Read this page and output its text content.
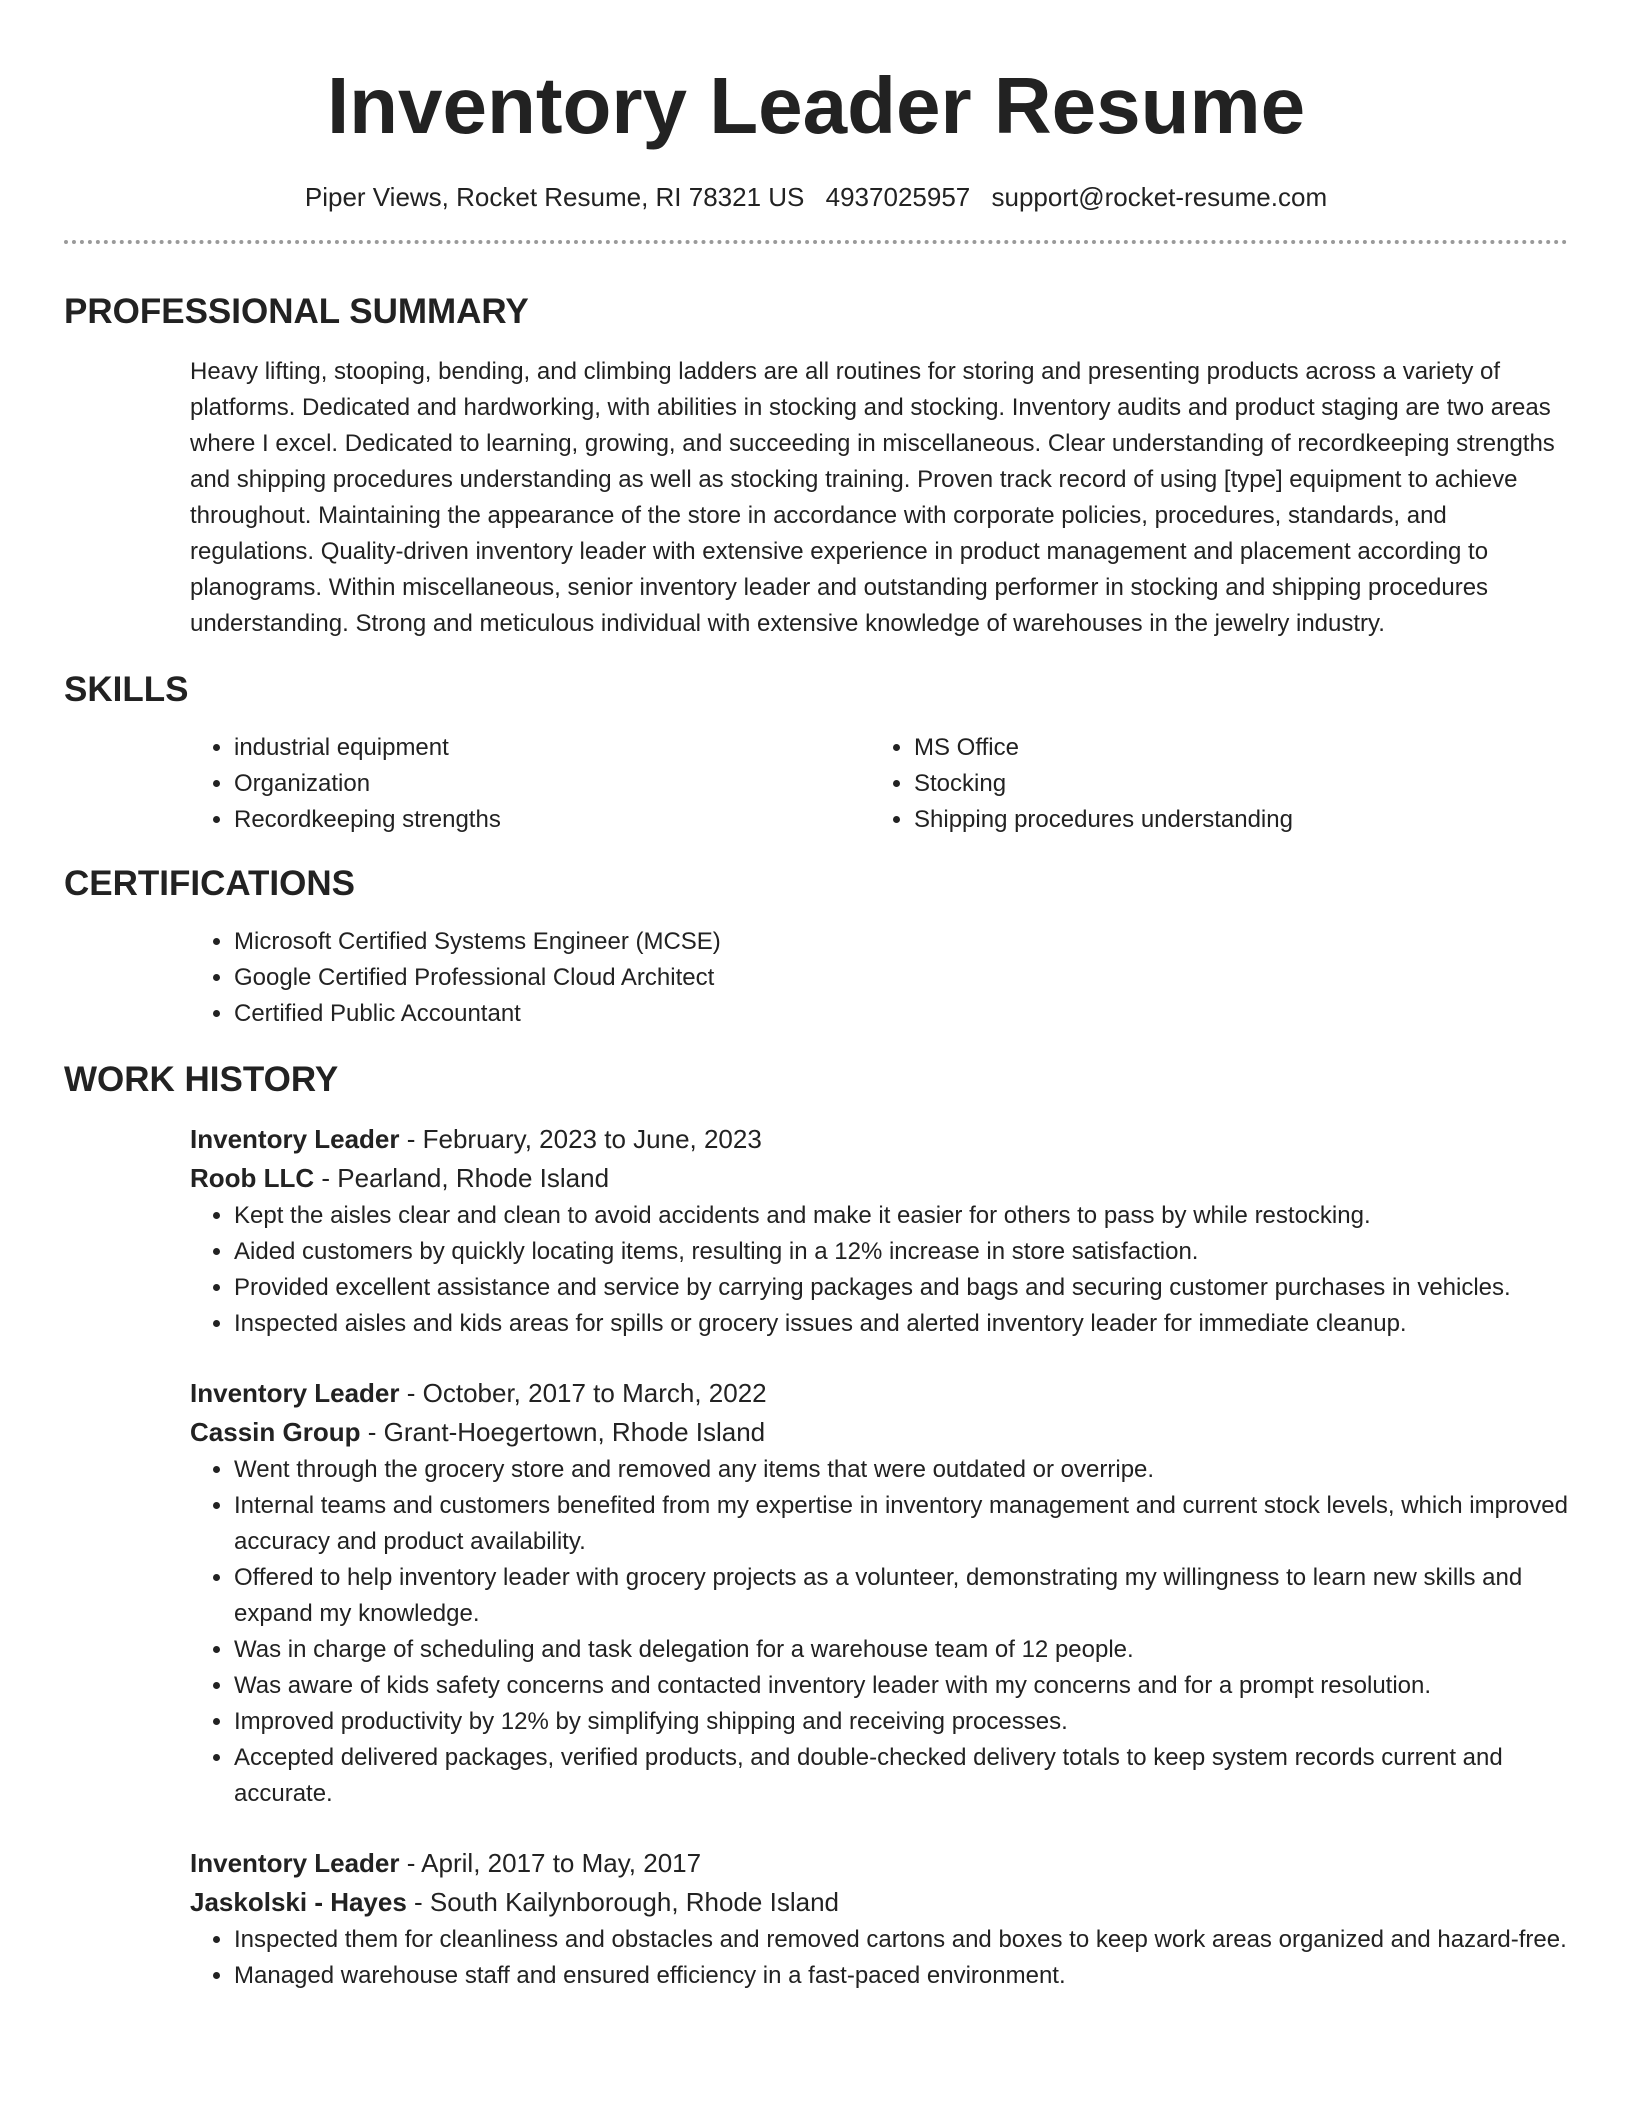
Inventory Leader Resume
Piper Views, Rocket Resume, RI 78321 US 4937025957 support@rocket-resume.com
PROFESSIONAL SUMMARY
Heavy lifting, stooping, bending, and climbing ladders are all routines for storing and presenting products across a variety of platforms. Dedicated and hardworking, with abilities in stocking and stocking. Inventory audits and product staging are two areas where I excel. Dedicated to learning, growing, and succeeding in miscellaneous. Clear understanding of recordkeeping strengths and shipping procedures understanding as well as stocking training. Proven track record of using [type] equipment to achieve throughout. Maintaining the appearance of the store in accordance with corporate policies, procedures, standards, and regulations. Quality-driven inventory leader with extensive experience in product management and placement according to planograms. Within miscellaneous, senior inventory leader and outstanding performer in stocking and shipping procedures understanding. Strong and meticulous individual with extensive knowledge of warehouses in the jewelry industry.
SKILLS
• industrial equipment
• Organization
• Recordkeeping strengths
• MS Office
• Stocking
• Shipping procedures understanding
CERTIFICATIONS
• Microsoft Certified Systems Engineer (MCSE)
• Google Certified Professional Cloud Architect
• Certified Public Accountant
WORK HISTORY
Inventory Leader - February, 2023 to June, 2023
Roob LLC - Pearland, Rhode Island
• Kept the aisles clear and clean to avoid accidents and make it easier for others to pass by while restocking.
• Aided customers by quickly locating items, resulting in a 12% increase in store satisfaction.
• Provided excellent assistance and service by carrying packages and bags and securing customer purchases in vehicles.
• Inspected aisles and kids areas for spills or grocery issues and alerted inventory leader for immediate cleanup.
Inventory Leader - October, 2017 to March, 2022
Cassin Group - Grant-Hoegertown, Rhode Island
• Went through the grocery store and removed any items that were outdated or overripe.
• Internal teams and customers benefited from my expertise in inventory management and current stock levels, which improved accuracy and product availability.
• Offered to help inventory leader with grocery projects as a volunteer, demonstrating my willingness to learn new skills and expand my knowledge.
• Was in charge of scheduling and task delegation for a warehouse team of 12 people.
• Was aware of kids safety concerns and contacted inventory leader with my concerns and for a prompt resolution.
• Improved productivity by 12% by simplifying shipping and receiving processes.
• Accepted delivered packages, verified products, and double-checked delivery totals to keep system records current and accurate.
Inventory Leader - April, 2017 to May, 2017
Jaskolski - Hayes - South Kailynborough, Rhode Island
• Inspected them for cleanliness and obstacles and removed cartons and boxes to keep work areas organized and hazard-free.
• Managed warehouse staff and ensured efficiency in a fast-paced environment.
